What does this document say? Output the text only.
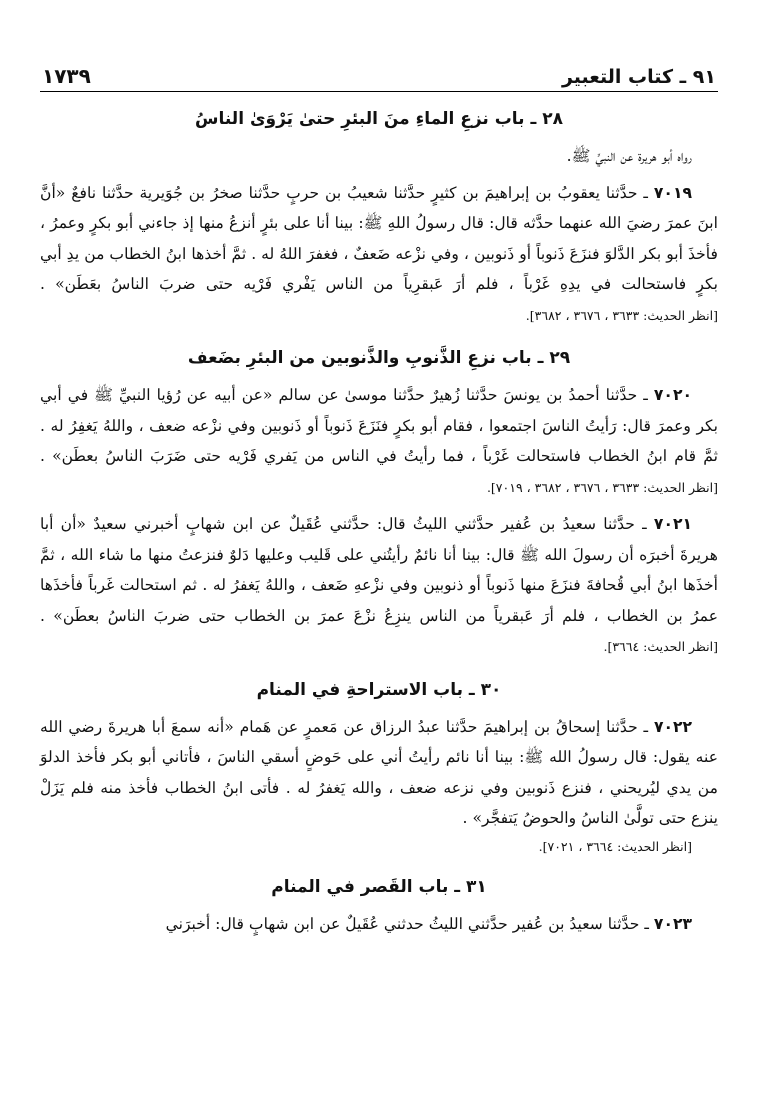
٩١ ـ كتاب التعبير
١٧٣٩
٢٨ ـ باب نزعِ الماءِ منَ البئرِ حتىٰ يَرْوَىٰ الناسُ

رواه أبو هريرة عن النبيِّ ﷺ.

٧٠١٩ ـ حدَّثنا يعقوبُ بن إبراهيمَ بن كثيرٍ حدَّثنا شعيبُ بن حربٍ حدَّثنا صخرُ بن جُوَيرية حدَّثنا نافعٌ «أنَّ ابنَ عمرَ رضيَ الله عنهما حدَّثه قال: قال رسولُ اللهِ ﷺ: بينا أنا على بئرٍ أنزعُ منها إذ جاءني أبو بكرٍ وعمرُ ، فأخذَ أبو بكر الدَّلوَ فنزَعَ ذَنوباً أو ذَنوبين ، وفي نزْعه ضَعفٌ ، فغفرَ اللهُ له . ثمَّ أخذها ابنُ الخطاب من يدِ أبي بكرٍ فاستحالت في يدِهِ غَرْباً ، فلم أرَ عَبقرِياً من الناس يَفْري فَرْيه حتى ضربَ الناسُ بعَطَن» . [انظر الحديث: ٣٦٣٣ ، ٣٦٧٦ ، ٣٦٨٢].

٢٩ ـ باب نزعِ الذَّنوبِ والذَّنوبين من البئرِ بضَعف

٧٠٢٠ ـ حدَّثنا أحمدُ بن يونسَ حدَّثنا زُهيرٌ حدَّثنا موسىٰ عن سالم «عن أبيه عن رُؤيا النبيِّ ﷺ في أبي بكر وعمرَ قال: رَأيتُ الناسَ اجتمعوا ، فقام أبو بكرٍ فنَزَعَ ذَنوباً أو ذَنوبين وفي نزْعه ضعف ، واللهُ يَغفِرُ له . ثمَّ قام ابنُ الخطاب فاستحالت غَرْباً ، فما رأيتُ في الناس من يَفري فَرْيه حتى ضَرَبَ الناسُ بعطَن» . [انظر الحديث: ٣٦٣٣ ، ٣٦٧٦ ، ٣٦٨٢ ، ٧٠١٩].

٧٠٢١ ـ حدَّثنا سعيدُ بن عُفير حدَّثني الليثُ قال: حدَّثني عُقَيلٌ عن ابن شهابٍ أخبرني سعيدٌ «أن أبا هريرةَ أخبرَه أن رسولَ الله ﷺ قال: بينا أنا نائمٌ رأيتُني على قَليب وعليها دَلوٌ فنزعتُ منها ما شاء الله ، ثمَّ أخذَها ابنُ أبي قُحافةَ فنزَعَ منها ذَنوباً أو ذنوبين وفي نزْعهِ ضَعف ، واللهُ يَغفرُ له . ثم استحالت غَرباً فأخذَها عمرُ بن الخطاب ، فلم أرَ عَبقرياً من الناس ينزِعُ نزْعَ عمرَ بن الخطاب حتى ضربَ الناسُ بعطَن» . [انظر الحديث: ٣٦٦٤].

٣٠ ـ باب الاستراحةِ في المنام

٧٠٢٢ ـ حدَّثنا إسحاقُ بن إبراهيمَ حدَّثنا عبدُ الرزاق عن مَعمرٍ عن هَمام «أنه سمعَ أبا هريرةَ رضي الله عنه يقول: قال رسولُ الله ﷺ: بينا أنا نائم رأيتُ أني على حَوضٍ أسقي الناسَ ، فأتاني أبو بكر فأخذ الدلوَ من يدي ليُريحني ، فنزع ذَنوبين وفي نزعه ضعف ، والله يَغفرُ له . فأتى ابنُ الخطاب فأخذ منه فلم يَزَلْ ينزع حتى تولَّىٰ الناسُ والحوضُ يَتفجَّر» .

[انظر الحديث: ٣٦٦٤ ، ٧٠٢١].

٣١ ـ باب القَصر في المنام

٧٠٢٣ ـ حدَّثنا سعيدُ بن عُفير حدَّثني الليثُ حدثني عُقَيلٌ عن ابن شهابٍ قال: أخبرَني
